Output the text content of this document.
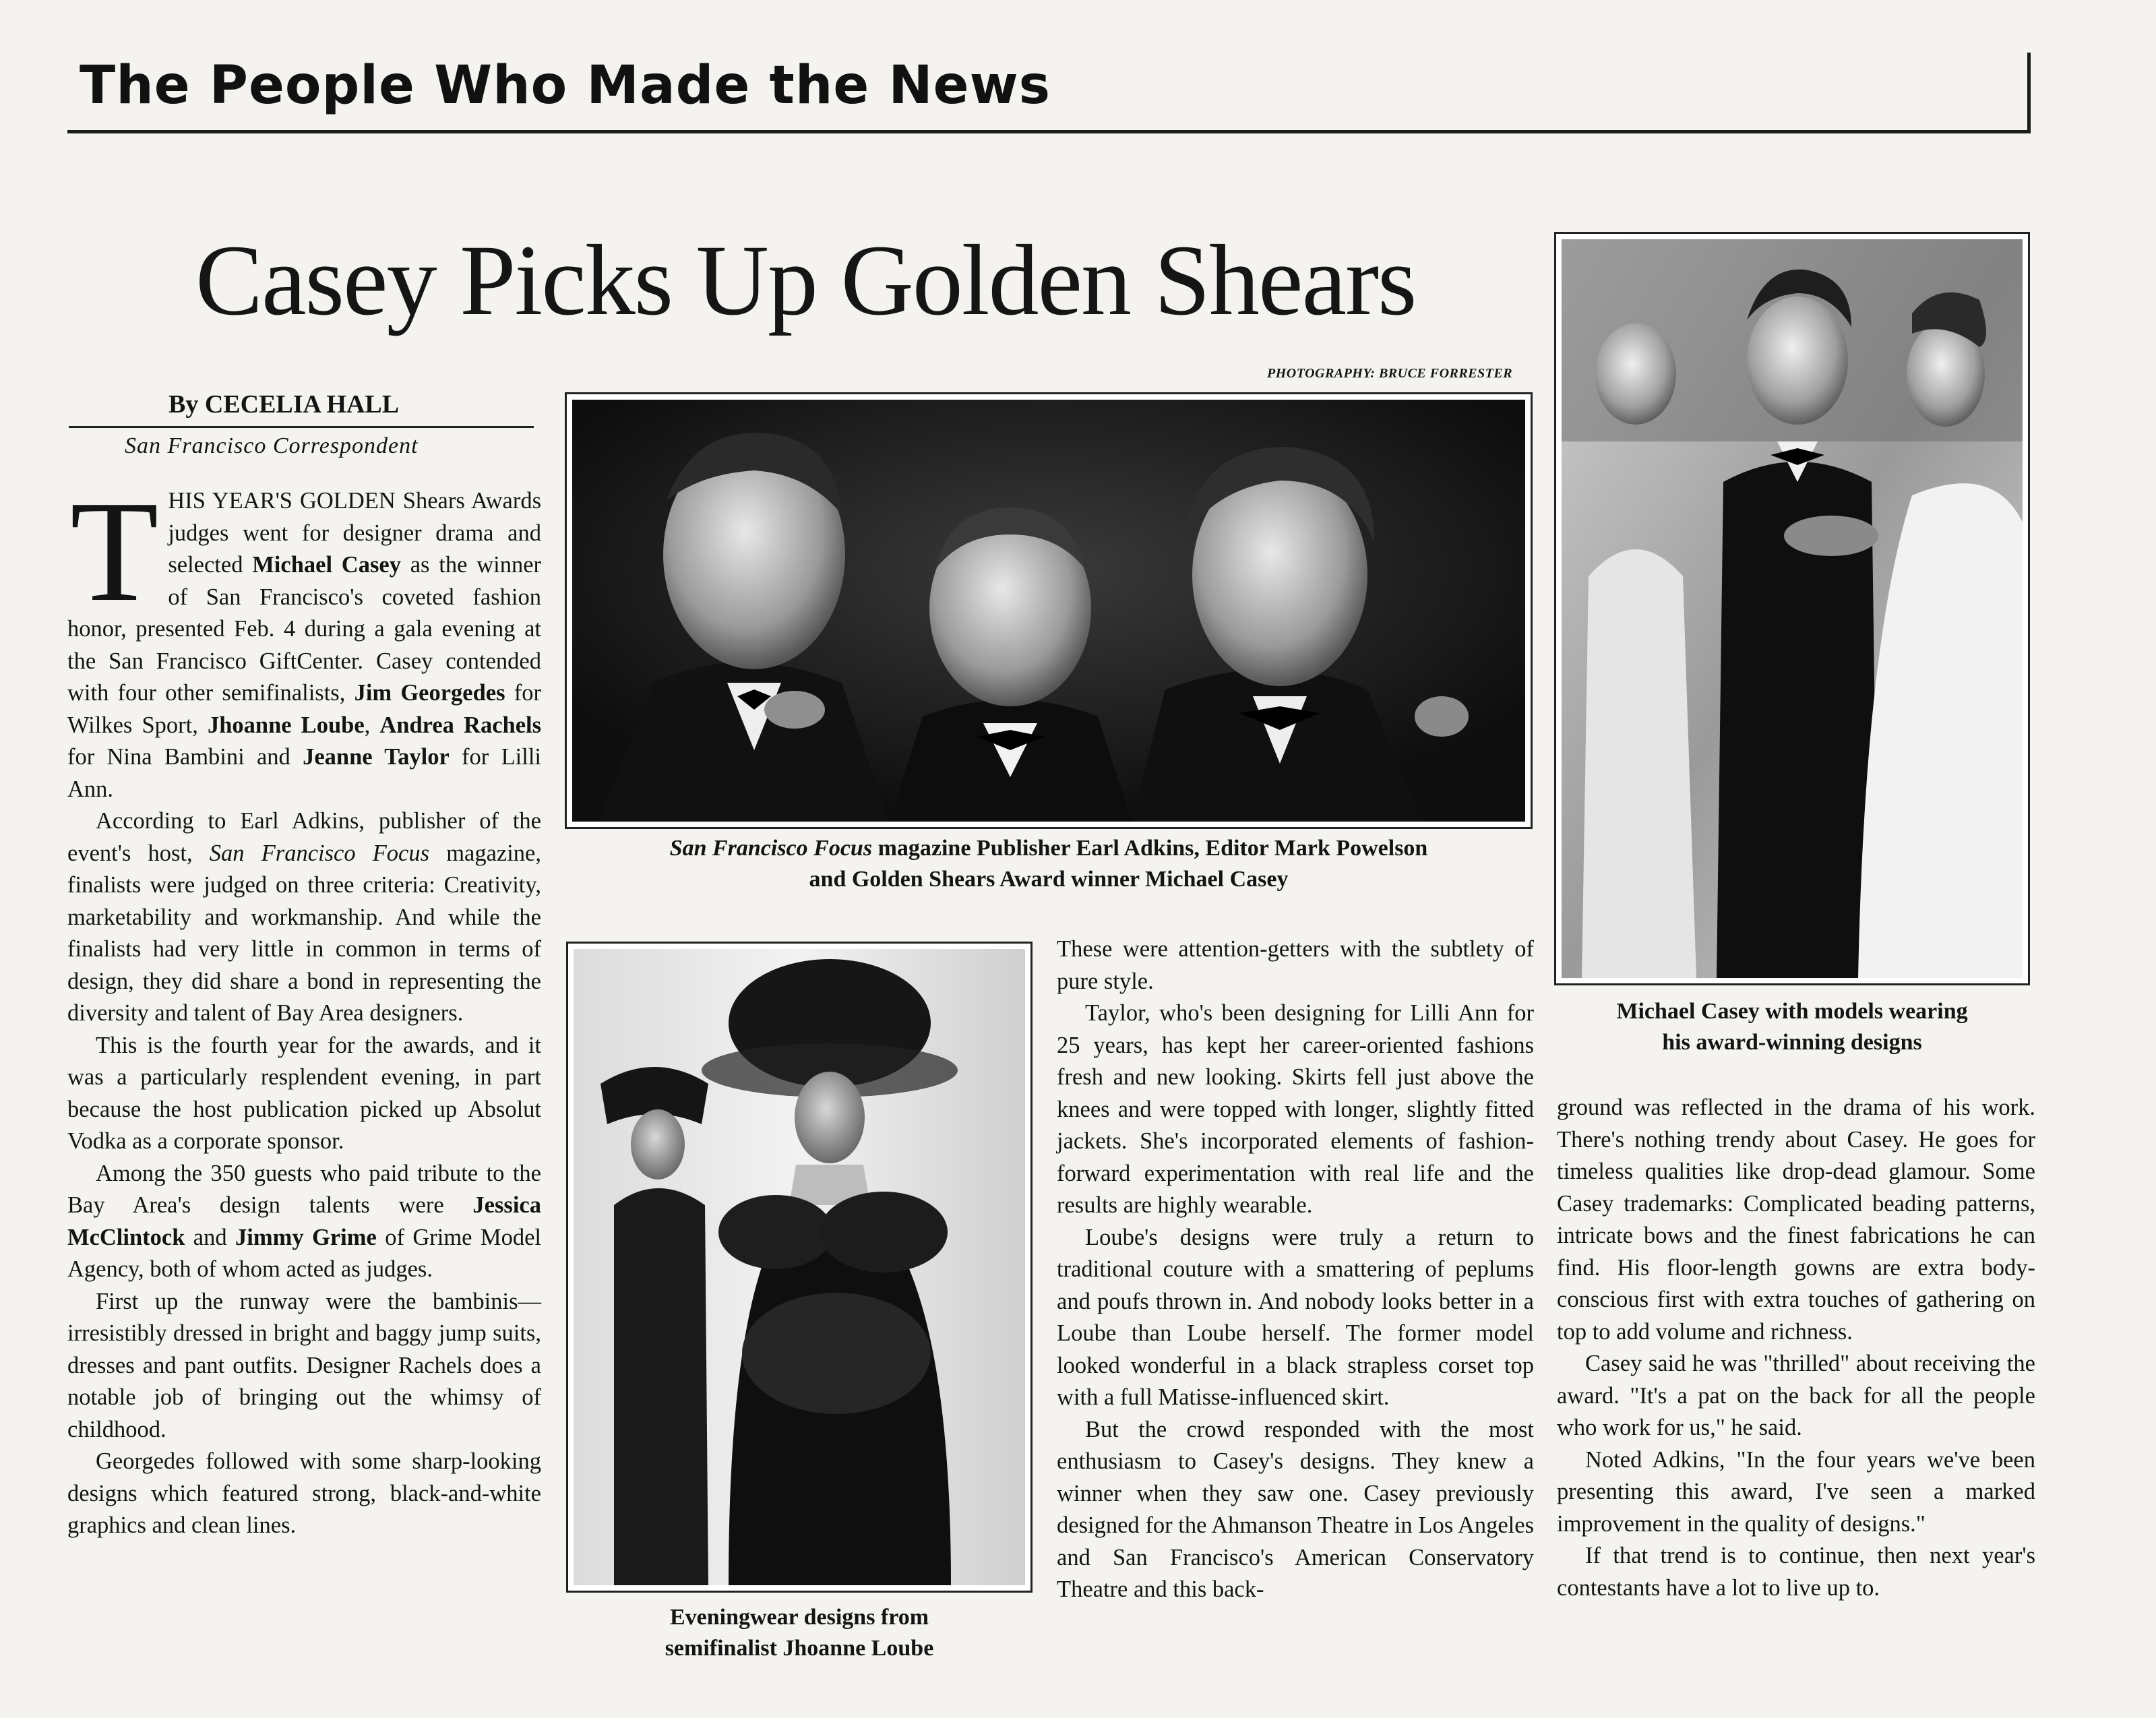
The People Who Made the News
Casey Picks Up Golden Shears
PHOTOGRAPHY: BRUCE FORRESTER
By CECELIA HALL
San Francisco Correspondent

THIS YEAR'S GOLDEN Shears Awards judges went for designer drama and selected Michael Casey as the winner of San Francisco's coveted fashion honor, presented Feb. 4 during a gala evening at the San Francisco GiftCenter. Casey contended with four other semifinalists, Jim Georgedes for Wilkes Sport, Jhoanne Loube, Andrea Rachels for Nina Bambini and Jeanne Taylor for Lilli Ann.

According to Earl Adkins, publisher of the event's host, San Francisco Focus magazine, finalists were judged on three criteria: Creativity, marketability and workmanship. And while the finalists had very little in common in terms of design, they did share a bond in representing the diversity and talent of Bay Area designers.

This is the fourth year for the awards, and it was a particularly resplendent evening, in part because the host publication picked up Absolut Vodka as a corporate sponsor.

Among the 350 guests who paid tribute to the Bay Area's design talents were Jessica McClintock and Jimmy Grime of Grime Model Agency, both of whom acted as judges.

First up the runway were the bambinis—irresistibly dressed in bright and baggy jump suits, dresses and pant outfits. Designer Rachels does a notable job of bringing out the whimsy of childhood.

Georgedes followed with some sharp-looking designs which featured strong, black-and-white graphics and clean lines.

San Francisco Focus magazine Publisher Earl Adkins, Editor Mark Powelson
and Golden Shears Award winner Michael Casey
Michael Casey with models wearing
his award-winning designs
Eveningwear designs from
semifinalist Jhoanne Loube

These were attention-getters with the subtlety of pure style.

Taylor, who's been designing for Lilli Ann for 25 years, has kept her career-oriented fashions fresh and new looking. Skirts fell just above the knees and were topped with longer, slightly fitted jackets. She's incorporated elements of fashion-forward experimentation with real life and the results are highly wearable.

Loube's designs were truly a return to traditional couture with a smattering of peplums and poufs thrown in. And nobody looks better in a Loube than Loube herself. The former model looked wonderful in a black strapless corset top with a full Matisse-influenced skirt.

But the crowd responded with the most enthusiasm to Casey's designs. They knew a winner when they saw one. Casey previously designed for the Ahmanson Theatre in Los Angeles and San Francisco's American Conservatory Theatre and this back-

ground was reflected in the drama of his work. There's nothing trendy about Casey. He goes for timeless qualities like drop-dead glamour. Some Casey trademarks: Complicated beading patterns, intricate bows and the finest fabrications he can find. His floor-length gowns are extra body-conscious first with extra touches of gathering on top to add volume and richness.

Casey said he was "thrilled" about receiving the award. "It's a pat on the back for all the people who work for us," he said.

Noted Adkins, "In the four years we've been presenting this award, I've seen a marked improvement in the quality of designs."

If that trend is to continue, then next year's contestants have a lot to live up to.
